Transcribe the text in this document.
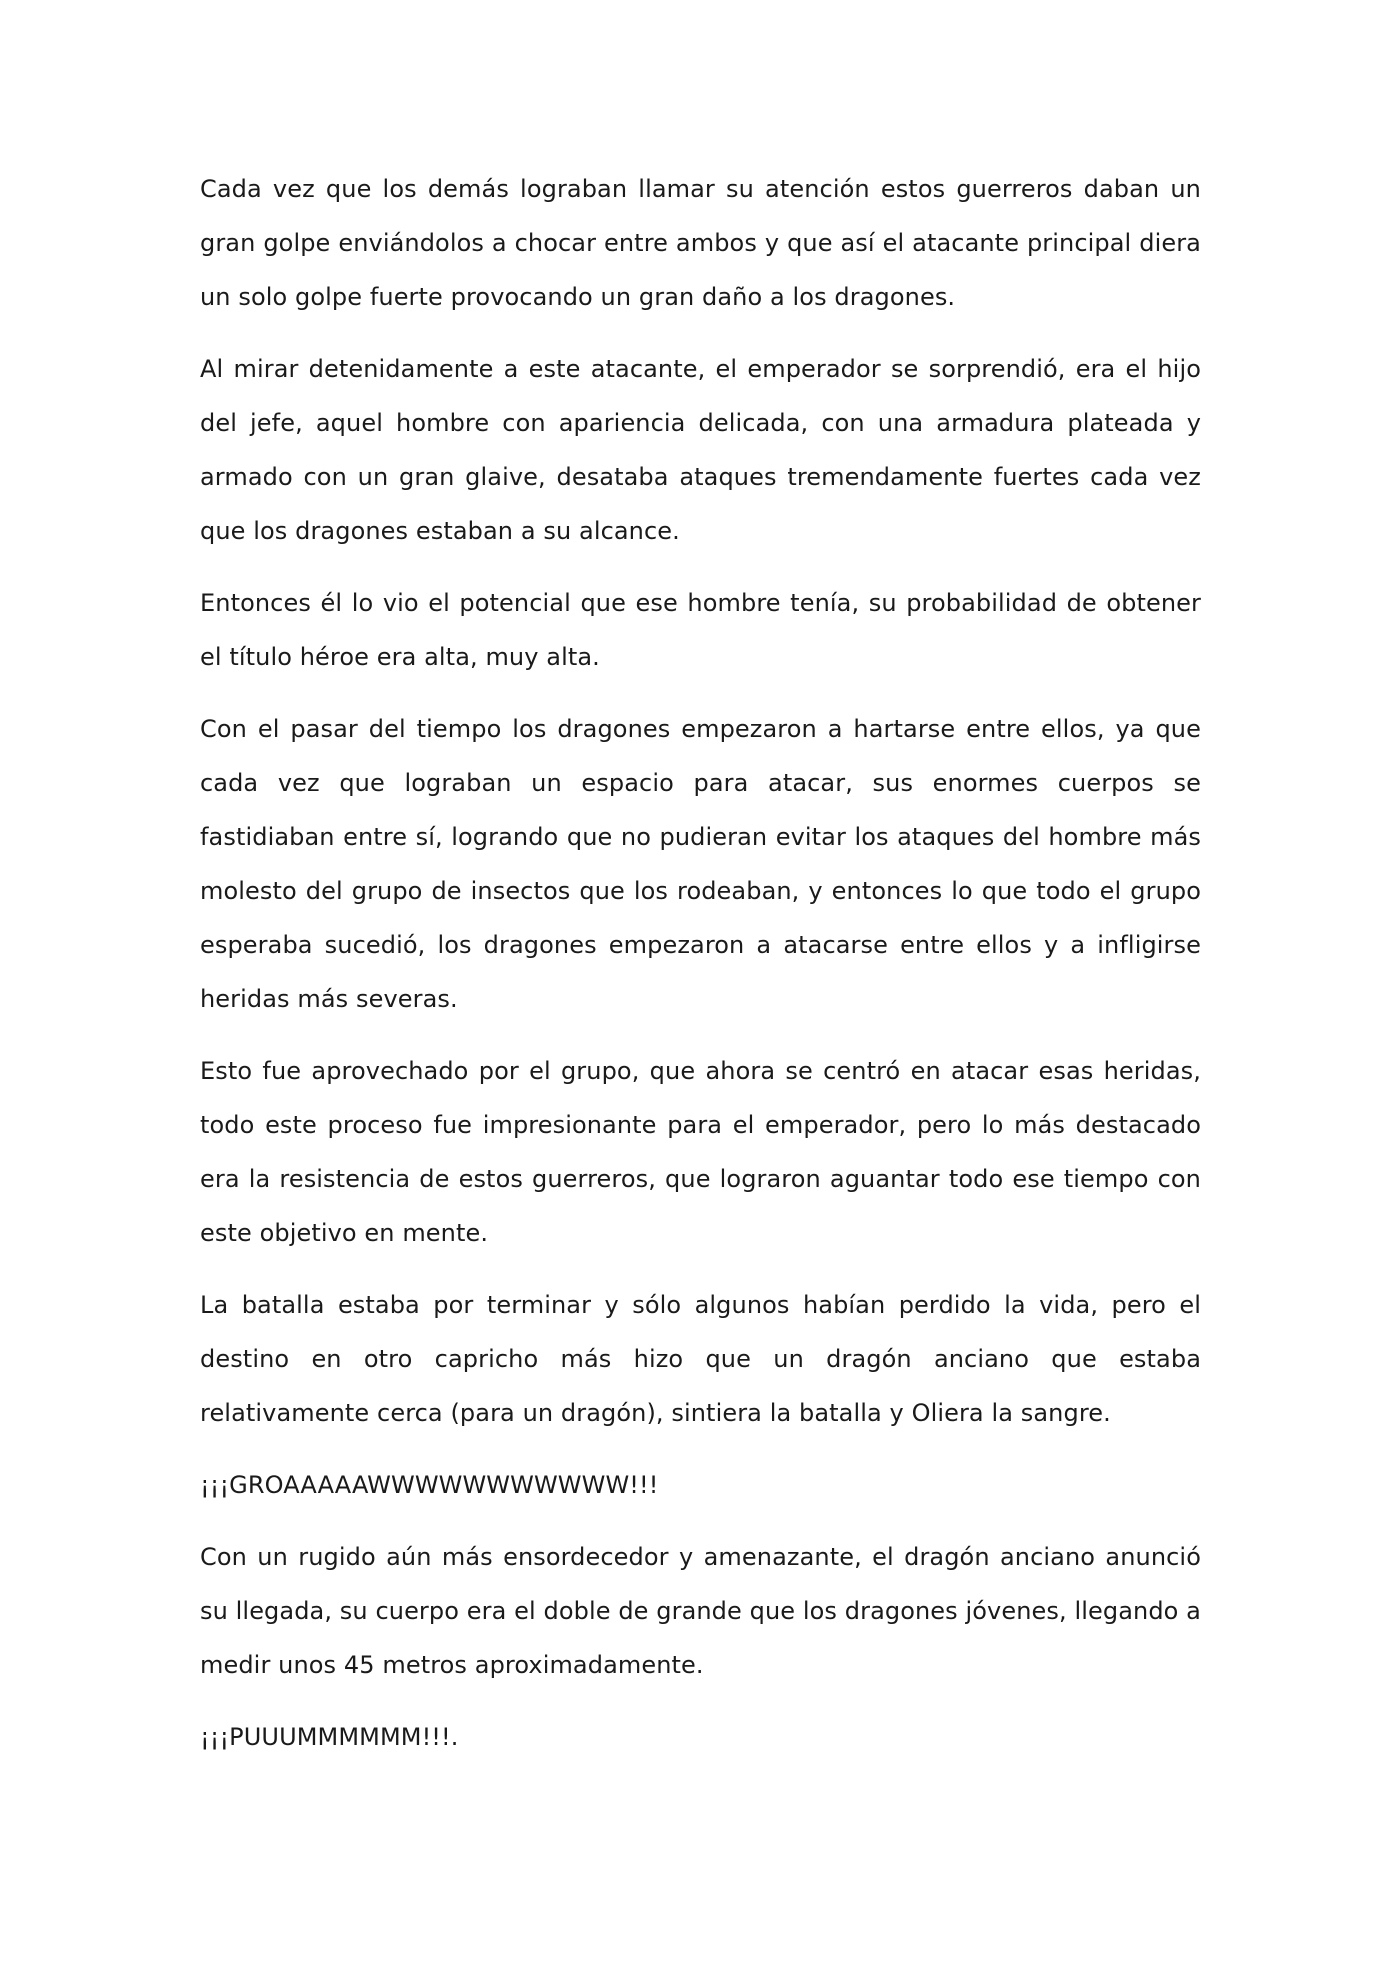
Cada vez que los demás lograban llamar su atención estos guerreros daban un gran golpe enviándolos a chocar entre ambos y que así el atacante principal diera un solo golpe fuerte provocando un gran daño a los dragones.

Al mirar detenidamente a este atacante, el emperador se sorprendió, era el hijo del jefe, aquel hombre con apariencia delicada, con una armadura plateada y armado con un gran glaive, desataba ataques tremendamente fuertes cada vez que los dragones estaban a su alcance.

Entonces él lo vio el potencial que ese hombre tenía, su probabilidad de obtener el título héroe era alta, muy alta.

Con el pasar del tiempo los dragones empezaron a hartarse entre ellos, ya que cada vez que lograban un espacio para atacar, sus enormes cuerpos se fastidiaban entre sí, logrando que no pudieran evitar los ataques del hombre más molesto del grupo de insectos que los rodeaban, y entonces lo que todo el grupo esperaba sucedió, los dragones empezaron a atacarse entre ellos y a infligirse heridas más severas.

Esto fue aprovechado por el grupo, que ahora se centró en atacar esas heridas, todo este proceso fue impresionante para el emperador, pero lo más destacado era la resistencia de estos guerreros, que lograron aguantar todo ese tiempo con este objetivo en mente.

La batalla estaba por terminar y sólo algunos habían perdido la vida, pero el destino en otro capricho más hizo que un dragón anciano que estaba relativamente cerca (para un dragón), sintiera la batalla y Oliera la sangre.

¡¡¡GROAAAAAWWWWWWWWWWW!!!

Con un rugido aún más ensordecedor y amenazante, el dragón anciano anunció su llegada, su cuerpo era el doble de grande que los dragones jóvenes, llegando a medir unos 45 metros aproximadamente.

¡¡¡PUUUMMMMMM!!!.
